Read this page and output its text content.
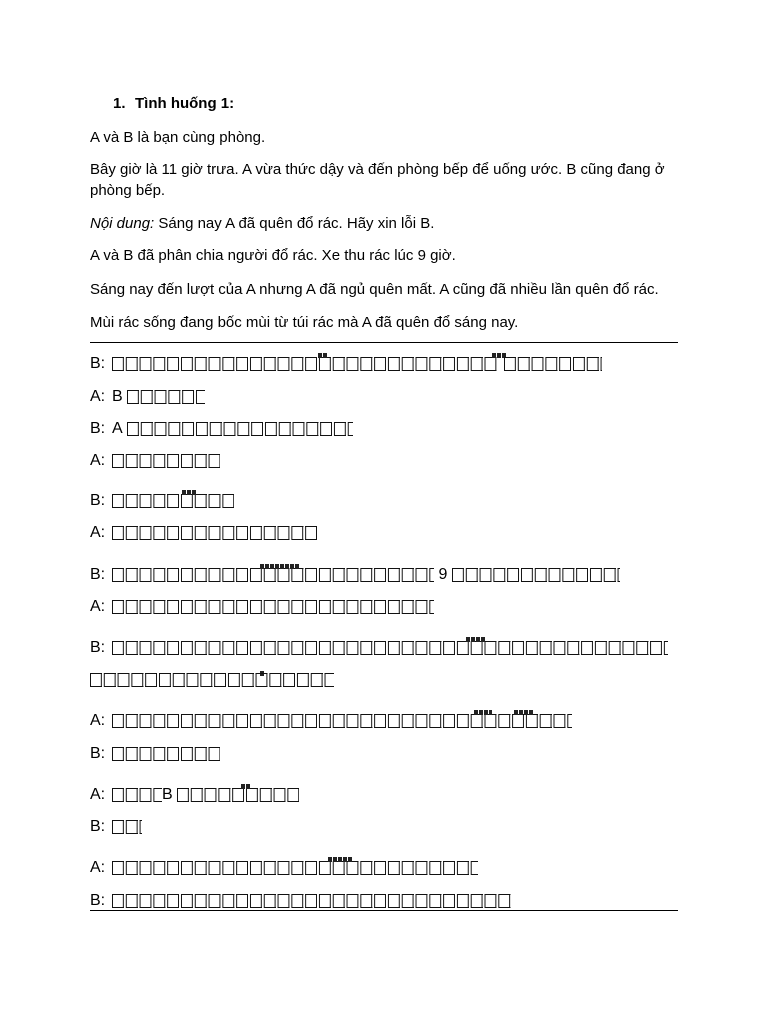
1. Tình huống 1:
A và B là bạn cùng phòng.
Bây giờ là 11 giờ trưa. A vừa thức dậy và đến phòng bếp để uống ước. B cũng đang ở phòng bếp.
Nội dung: Sáng nay A đã quên đổ rác. Hãy xin lỗi B.
A và B đã phân chia người đổ rác. Xe thu rác lúc 9 giờ.
Sáng nay đến lượt của A nhưng A đã ngủ quên mất. A cũng đã nhiều lần quên đổ rác.
Mùi rác sống đang bốc mùi từ túi rác mà A đã quên đổ sáng nay.
B:
A: B
B: A
A:
B:
A:
B:	9
A:
B:
A:
B:
A:	B
B:
A:
B:
